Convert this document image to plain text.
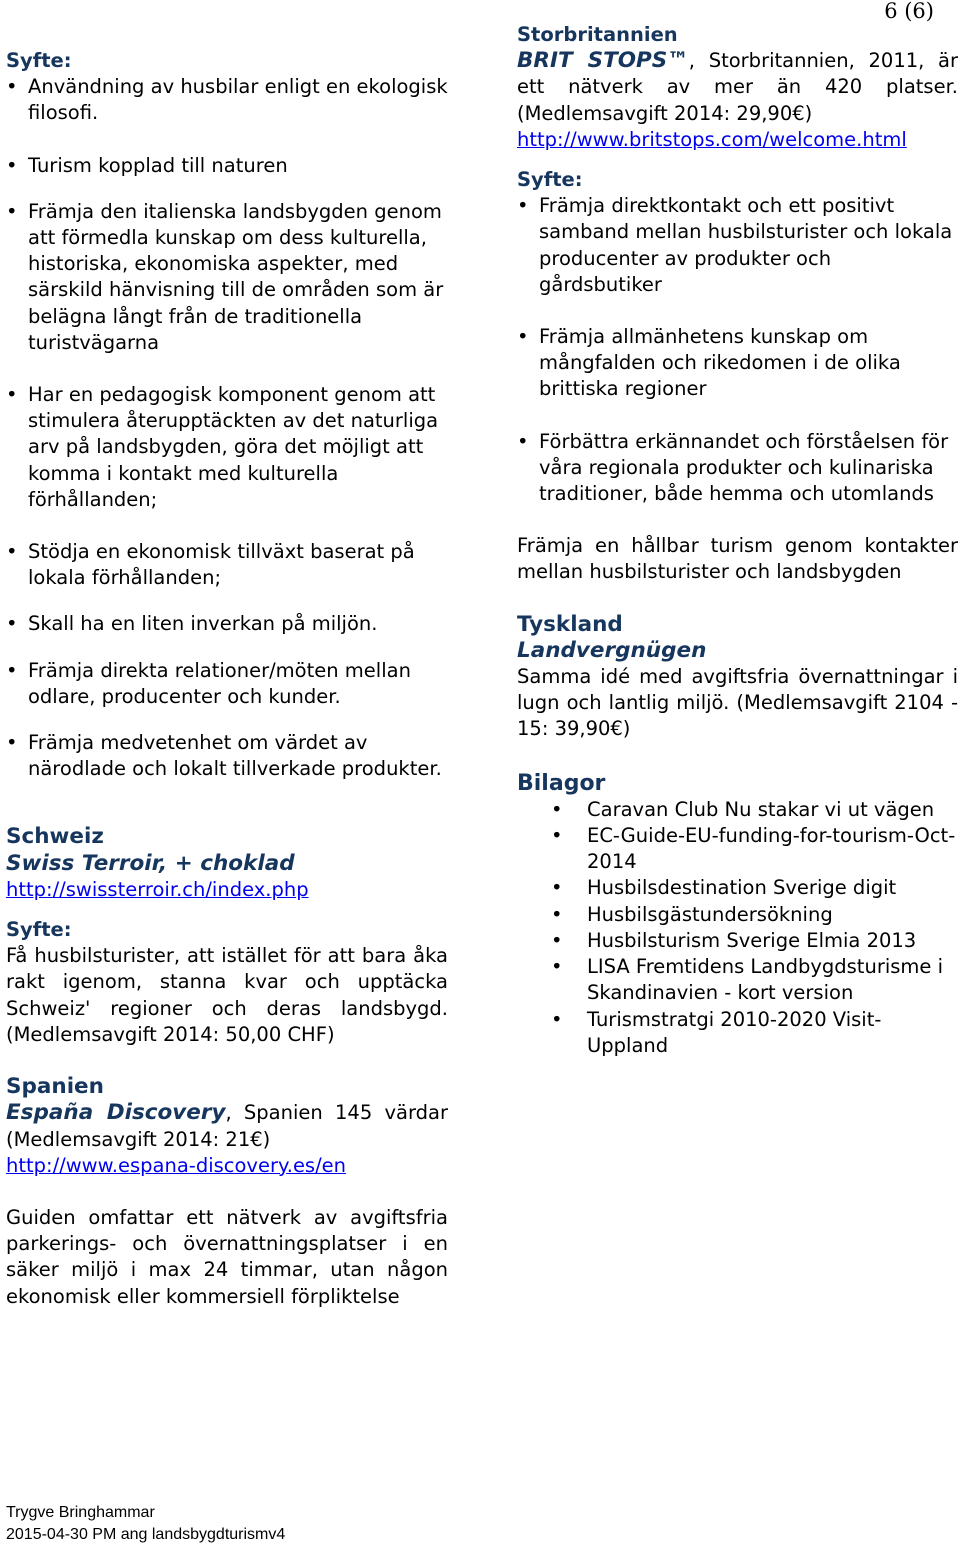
6 (6)
Syfte:
• Användning av husbilar enligt en ekologisk filosofi.
• Turism kopplad till naturen
• Främja den italienska landsbygden genom att förmedla kunskap om dess kulturella, historiska, ekonomiska aspekter, med särskild hänvisning till de områden som är belägna långt från de traditionella turistvägarna
• Har en pedagogisk komponent genom att stimulera återupptäckten av det naturliga arv på landsbygden, göra det möjligt att komma i kontakt med kulturella förhållanden;
• Stödja en ekonomisk tillväxt baserat på lokala förhållanden;
• Skall ha en liten inverkan på miljön.
• Främja direkta relationer/möten mellan odlare, producenter och kunder.
• Främja medvetenhet om värdet av närodlade och lokalt tillverkade produkter.
Schweiz
Swiss Terroir, + choklad
http://swissterroir.ch/index.php
Syfte:

Få husbilsturister, att istället för att bara åka rakt igenom, stanna kvar och upptäcka Schweiz' regioner och deras landsbygd. (Medlemsavgift 2014: 50,00 CHF)

Spanien

España Discovery, Spanien 145 värdar (Medlemsavgift 2014: 21€)

http://www.espana-discovery.es/en

Guiden omfattar ett nätverk av avgiftsfria parkerings- och övernattningsplatser i en säker miljö i max 24 timmar, utan någon ekonomisk eller kommersiell förpliktelse

Storbritannien

BRIT STOPS™, Storbritannien, 2011, är ett nätverk av mer än 420 platser. (Medlemsavgift 2014: 29,90€)

http://www.britstops.com/welcome.html
Syfte:
• Främja direktkontakt och ett positivt samband mellan husbilsturister och lokala producenter av produkter och gårdsbutiker
• Främja allmänhetens kunskap om mångfalden och rikedomen i de olika brittiska regioner
• Förbättra erkännandet och förståelsen för våra regionala produkter och kulinariska traditioner, både hemma och utomlands

Främja en hållbar turism genom kontakter mellan husbilsturister och landsbygden

Tyskland
Landvergnügen

Samma idé med avgiftsfria övernattningar i lugn och lantlig miljö. (Medlemsavgift 2104 - 15: 39,90€)

Bilagor
• Caravan Club Nu stakar vi ut vägen
• EC-Guide-EU-funding-for-tourism-Oct-2014
• Husbilsdestination Sverige digit
• Husbilsgästundersökning
• Husbilsturism Sverige Elmia 2013
• LISA Fremtidens Landbygdsturisme i Skandinavien - kort version
• Turismstratgi 2010-2020 Visit-Uppland
Trygve Bringhammar
2015-04-30 PM ang landsbygdturismv4
